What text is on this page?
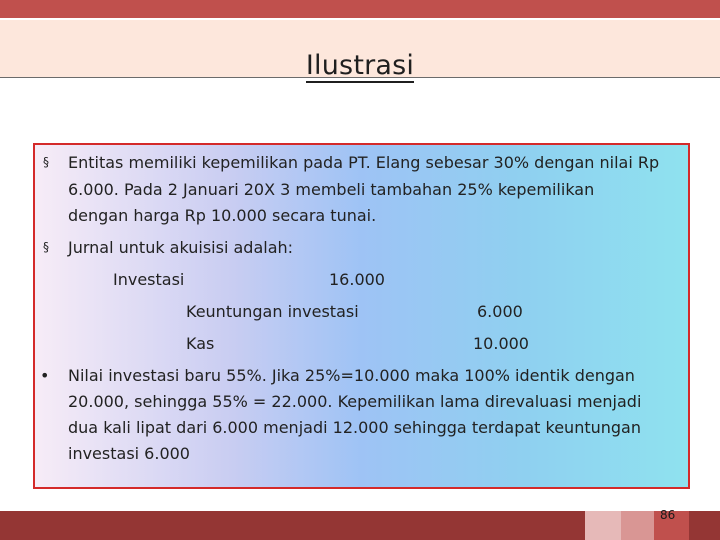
Ilustrasi
§ Entitas memiliki kepemilikan pada PT. Elang sebesar 30% dengan nilai Rp
6.000. Pada 2 Januari 20X 3 membeli tambahan 25% kepemilikan
dengan harga Rp 10.000 secara tunai.
§ Jurnal untuk akuisisi adalah:
Investasi	16.000
Keuntungan investasi	6.000
Kas	10.000
• Nilai investasi baru 55%. Jika 25%=10.000 maka 100% identik dengan
20.000, sehingga 55% = 22.000. Kepemilikan lama direvaluasi menjadi
dua kali lipat dari 6.000 menjadi 12.000 sehingga terdapat keuntungan
investasi 6.000
86
